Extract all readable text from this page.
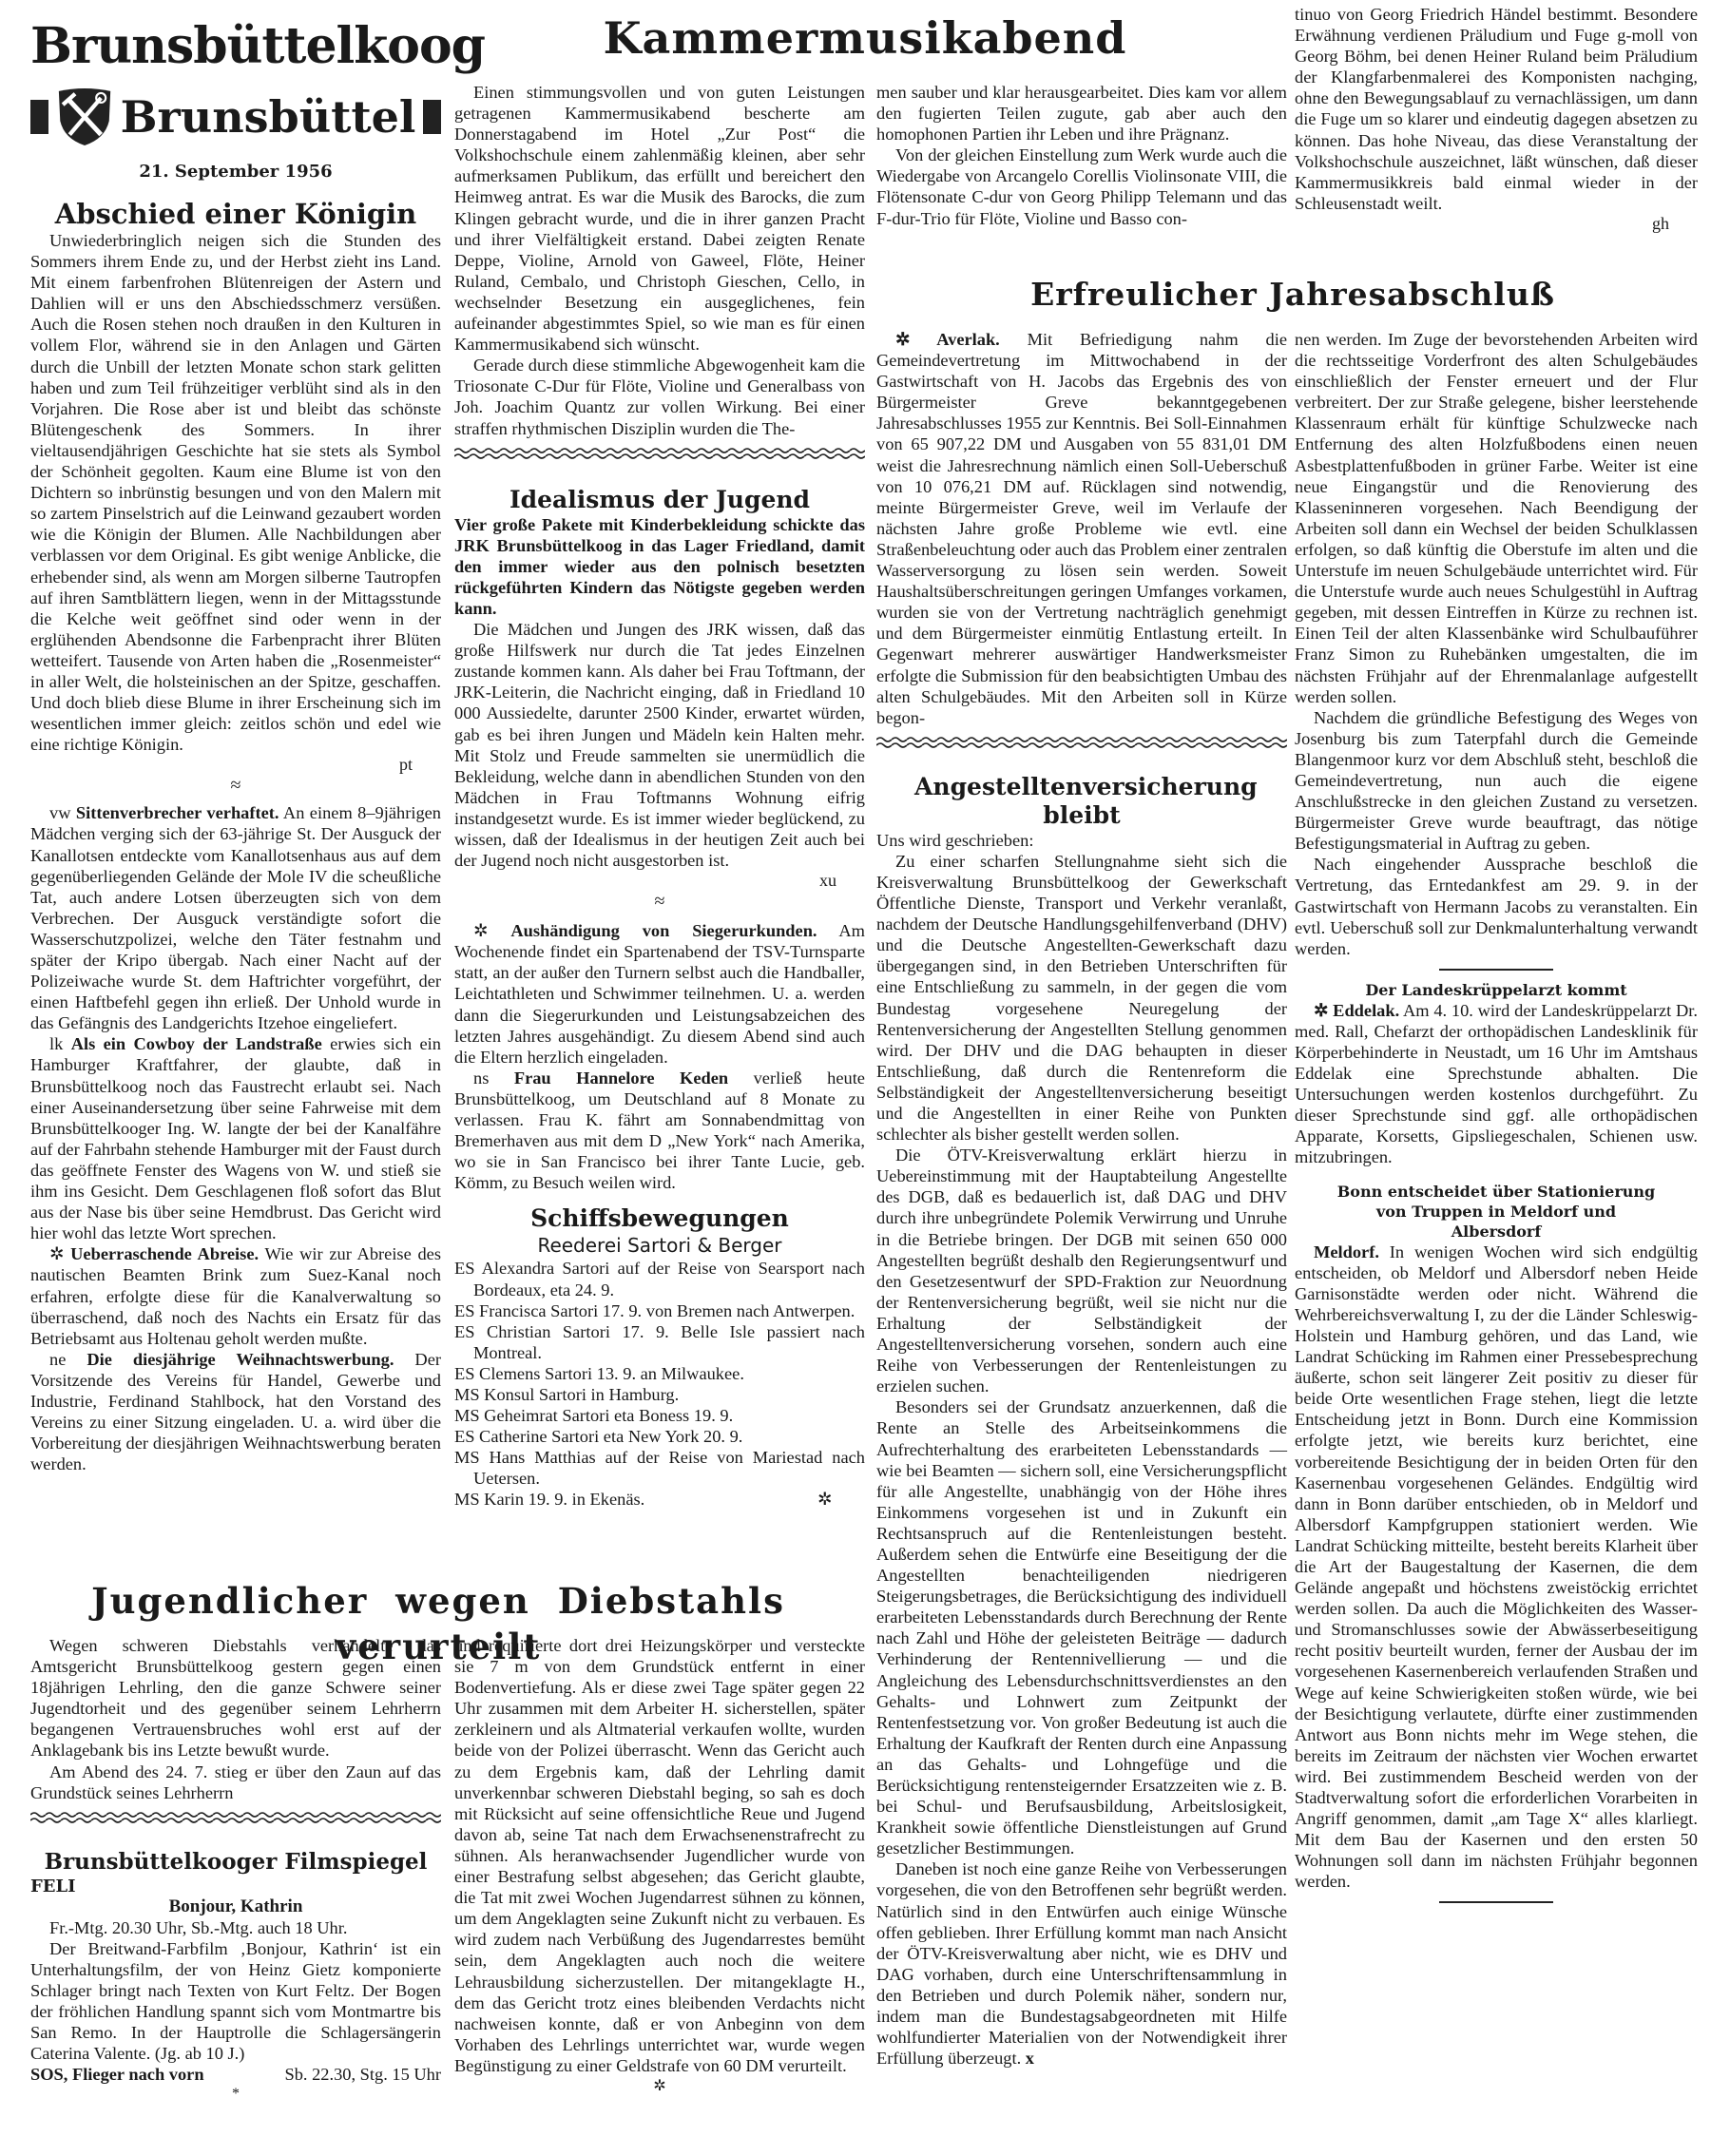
Brunsbüttelkoog
Brunsbüttel
21. September 1956
Abschied einer Königin

Unwiederbringlich neigen sich die Stunden des Sommers ihrem Ende zu, und der Herbst zieht ins Land. Mit einem farbenfrohen Blütenreigen der Astern und Dahlien will er uns den Abschiedsschmerz versüßen. Auch die Rosen stehen noch draußen in den Kulturen in vollem Flor, während sie in den Anlagen und Gärten durch die Unbill der letzten Monate schon stark gelitten haben und zum Teil frühzeitiger verblüht sind als in den Vorjahren. Die Rose aber ist und bleibt das schönste Blütengeschenk des Sommers. In ihrer vieltausendjährigen Geschichte hat sie stets als Symbol der Schönheit gegolten. Kaum eine Blume ist von den Dichtern so inbrünstig besungen und von den Malern mit so zartem Pinselstrich auf die Leinwand gezaubert worden wie die Königin der Blumen. Alle Nachbildungen aber verblassen vor dem Original. Es gibt wenige Anblicke, die erhebender sind, als wenn am Morgen silberne Tautropfen auf ihren Samtblättern liegen, wenn in der Mittagsstunde die Kelche weit geöffnet sind oder wenn in der erglühenden Abendsonne die Farbenpracht ihrer Blüten wetteifert. Tausende von Arten haben die „Rosenmeister“ in aller Welt, die holsteinischen an der Spitze, geschaffen. Und doch blieb diese Blume in ihrer Erscheinung sich im wesentlichen immer gleich: zeitlos schön und edel wie eine richtige Königin.

pt
≈

vw Sittenverbrecher verhaftet. An einem 8–9jährigen Mädchen verging sich der 63-jährige St. Der Ausguck der Kanallotsen entdeckte vom Kanallotsenhaus aus auf dem gegenüberliegenden Gelände der Mole IV die scheußliche Tat, auch andere Lotsen überzeugten sich von dem Verbrechen. Der Ausguck verständigte sofort die Wasserschutzpolizei, welche den Täter festnahm und später der Kripo übergab. Nach einer Nacht auf der Polizeiwache wurde St. dem Haftrichter vorgeführt, der einen Haftbefehl gegen ihn erließ. Der Unhold wurde in das Gefängnis des Landgerichts Itzehoe eingeliefert.

lk Als ein Cowboy der Landstraße erwies sich ein Hamburger Kraftfahrer, der glaubte, daß in Brunsbüttelkoog noch das Faustrecht erlaubt sei. Nach einer Auseinandersetzung über seine Fahrweise mit dem Brunsbüttelkooger Ing. W. langte der bei der Kanalfähre auf der Fahrbahn stehende Hamburger mit der Faust durch das geöffnete Fenster des Wagens von W. und stieß sie ihm ins Gesicht. Dem Geschlagenen floß sofort das Blut aus der Nase bis über seine Hemdbrust. Das Gericht wird hier wohl das letzte Wort sprechen.

✲ Ueberraschende Abreise. Wie wir zur Abreise des nautischen Beamten Brink zum Suez-Kanal noch erfahren, erfolgte diese für die Kanalverwaltung so überraschend, daß noch des Nachts ein Ersatz für das Betriebsamt aus Holtenau geholt werden mußte.

ne Die diesjährige Weihnachtswerbung. Der Vorsitzende des Vereins für Handel, Gewerbe und Industrie, Ferdinand Stahlbock, hat den Vorstand des Vereins zu einer Sitzung eingeladen. U. a. wird über die Vorbereitung der diesjährigen Weihnachtswerbung beraten werden.

Kammermusikabend

Einen stimmungsvollen und von guten Leistungen getragenen Kammermusikabend bescherte am Donnerstagabend im Hotel „Zur Post“ die Volkshochschule einem zahlenmäßig kleinen, aber sehr aufmerksamen Publikum, das erfüllt und bereichert den Heimweg antrat. Es war die Musik des Barocks, die zum Klingen gebracht wurde, und die in ihrer ganzen Pracht und ihrer Vielfältigkeit erstand. Dabei zeigten Renate Deppe, Violine, Arnold von Gaweel, Flöte, Heiner Ruland, Cembalo, und Christoph Gieschen, Cello, in wechselnder Besetzung ein ausgeglichenes, fein aufeinander abgestimmtes Spiel, so wie man es für einen Kammermusikabend sich wünscht.

Gerade durch diese stimmliche Abgewogenheit kam die Triosonate C-Dur für Flöte, Violine und Generalbass von Joh. Joachim Quantz zur vollen Wirkung. Bei einer straffen rhythmischen Disziplin wurden die The-

Idealismus der Jugend
Vier große Pakete mit Kinderbekleidung schickte das JRK Brunsbüttelkoog in das Lager Friedland, damit den immer wieder aus den polnisch besetzten rückgeführten Kindern das Nötigste gegeben werden kann.

Die Mädchen und Jungen des JRK wissen, daß das große Hilfswerk nur durch die Tat jedes Einzelnen zustande kommen kann. Als daher bei Frau Toftmann, der JRK-Leiterin, die Nachricht einging, daß in Friedland 10 000 Aussiedelte, darunter 2500 Kinder, erwartet würden, gab es bei ihren Jungen und Mädeln kein Halten mehr. Mit Stolz und Freude sammelten sie unermüdlich die Bekleidung, welche dann in abendlichen Stunden von den Mädchen in Frau Toftmanns Wohnung eifrig instandgesetzt wurde. Es ist immer wieder beglückend, zu wissen, daß der Idealismus in der heutigen Zeit auch bei der Jugend noch nicht ausgestorben ist.

xu
≈

✲ Aushändigung von Siegerurkunden. Am Wochenende findet ein Spartenabend der TSV-Turnsparte statt, an der außer den Turnern selbst auch die Handballer, Leichtathleten und Schwimmer teilnehmen. U. a. werden dann die Siegerurkunden und Leistungsabzeichen des letzten Jahres ausgehändigt. Zu diesem Abend sind auch die Eltern herzlich eingeladen.

ns Frau Hannelore Keden verließ heute Brunsbüttelkoog, um Deutschland auf 8 Monate zu verlassen. Frau K. fährt am Sonnabendmittag von Bremerhaven aus mit dem D „New York“ nach Amerika, wo sie in San Francisco bei ihrer Tante Lucie, geb. Kömm, zu Besuch weilen wird.

Schiffsbewegungen
Reederei Sartori & Berger

ES Alexandra Sartori auf der Reise von Searsport nach Bordeaux, eta 24. 9.

ES Francisca Sartori 17. 9. von Bremen nach Antwerpen.

ES Christian Sartori 17. 9. Belle Isle passiert nach Montreal.

ES Clemens Sartori 13. 9. an Milwaukee.

MS Konsul Sartori in Hamburg.

MS Geheimrat Sartori eta Boness 19. 9.

ES Catherine Sartori eta New York 20. 9.

MS Hans Matthias auf der Reise von Mariestad nach Uetersen.

MS Karin 19. 9. in Ekenäs.	✲

Jugendlicher wegen Diebstahls verurteilt

Wegen schweren Diebstahls verhandelte das Amtsgericht Brunsbüttelkoog gestern gegen einen 18jährigen Lehrling, den die ganze Schwere seiner Jugendtorheit und des gegenüber seinem Lehrherrn begangenen Vertrauensbruches wohl erst auf der Anklagebank bis ins Letzte bewußt wurde.

Am Abend des 24. 7. stieg er über den Zaun auf das Grundstück seines Lehrherrn

Brunsbüttelkooger Filmspiegel
FELI
Bonjour, Kathrin

Fr.-Mtg. 20.30 Uhr, Sb.-Mtg. auch 18 Uhr.

Der Breitwand-Farbfilm ‚Bonjour, Kathrin‘ ist ein Unterhaltungsfilm, der von Heinz Gietz komponierte Schlager bringt nach Texten von Kurt Feltz. Der Bogen der fröhlichen Handlung spannt sich vom Montmartre bis San Remo. In der Hauptrolle die Schlagersängerin Caterina Valente. (Jg. ab 10 J.)

SOS, Flieger nach vorn	Sb. 22.30, Stg. 15 Uhr

*

und requirierte dort drei Heizungskörper und versteckte sie 7 m von dem Grundstück entfernt in einer Bodenvertiefung. Als er diese zwei Tage später gegen 22 Uhr zusammen mit dem Arbeiter H. sicherstellen, später zerkleinern und als Altmaterial verkaufen wollte, wurden beide von der Polizei überrascht. Wenn das Gericht auch zu dem Ergebnis kam, daß der Lehrling damit unverkennbar schweren Diebstahl beging, so sah es doch mit Rücksicht auf seine offensichtliche Reue und Jugend davon ab, seine Tat nach dem Erwachsenenstrafrecht zu sühnen. Als heranwachsender Jugendlicher wurde von einer Bestrafung selbst abgesehen; das Gericht glaubte, die Tat mit zwei Wochen Jugendarrest sühnen zu können, um dem Angeklagten seine Zukunft nicht zu verbauen. Es wird zudem nach Verbüßung des Jugendarrestes bemüht sein, dem Angeklagten auch noch die weitere Lehrausbildung sicherzustellen. Der mitangeklagte H., dem das Gericht trotz eines bleibenden Verdachts nicht nachweisen konnte, daß er von Anbeginn von dem Vorhaben des Lehrlings unterrichtet war, wurde wegen Begünstigung zu einer Geldstrafe von 60 DM verurteilt.

✲

men sauber und klar herausgearbeitet. Dies kam vor allem den fugierten Teilen zugute, gab aber auch den homophonen Partien ihr Leben und ihre Prägnanz.

Von der gleichen Einstellung zum Werk wurde auch die Wiedergabe von Arcangelo Corellis Violinsonate VIII, die Flötensonate C-dur von Georg Philipp Telemann und das F-dur-Trio für Flöte, Violine und Basso con-

tinuo von Georg Friedrich Händel bestimmt. Besondere Erwähnung verdienen Präludium und Fuge g-moll von Georg Böhm, bei denen Heiner Ruland beim Präludium der Klangfarbenmalerei des Komponisten nachging, ohne den Bewegungsablauf zu vernachlässigen, um dann die Fuge um so klarer und eindeutig dagegen absetzen zu können. Das hohe Niveau, das diese Veranstaltung der Volkshochschule auszeichnet, läßt wünschen, daß dieser Kammermusikkreis bald einmal wieder in der Schleusenstadt weilt.

gh
Erfreulicher Jahresabschluß

✲ Averlak. Mit Befriedigung nahm die Gemeindevertretung im Mittwochabend in der Gastwirtschaft von H. Jacobs das Ergebnis des von Bürgermeister Greve bekanntgegebenen Jahresabschlusses 1955 zur Kenntnis. Bei Soll-Einnahmen von 65 907,22 DM und Ausgaben von 55 831,01 DM weist die Jahresrechnung nämlich einen Soll-Ueberschuß von 10 076,21 DM auf. Rücklagen sind notwendig, meinte Bürgermeister Greve, weil im Verlaufe der nächsten Jahre große Probleme wie evtl. eine Straßenbeleuchtung oder auch das Problem einer zentralen Wasserversorgung zu lösen sein werden. Soweit Haushaltsüberschreitungen geringen Umfanges vorkamen, wurden sie von der Vertretung nachträglich genehmigt und dem Bürgermeister einmütig Entlastung erteilt. In Gegenwart mehrerer auswärtiger Handwerksmeister erfolgte die Submission für den beabsichtigten Umbau des alten Schulgebäudes. Mit den Arbeiten soll in Kürze begon-

Angestelltenversicherung bleibt

Uns wird geschrieben:

Zu einer scharfen Stellungnahme sieht sich die Kreisverwaltung Brunsbüttelkoog der Gewerkschaft Öffentliche Dienste, Transport und Verkehr veranlaßt, nachdem der Deutsche Handlungsgehilfenverband (DHV) und die Deutsche Angestellten-Gewerkschaft dazu übergegangen sind, in den Betrieben Unterschriften für eine Entschließung zu sammeln, in der gegen die vom Bundestag vorgesehene Neuregelung der Rentenversicherung der Angestellten Stellung genommen wird. Der DHV und die DAG behaupten in dieser Entschließung, daß durch die Rentenreform die Selbständigkeit der Angestelltenversicherung beseitigt und die Angestellten in einer Reihe von Punkten schlechter als bisher gestellt werden sollen.

Die ÖTV-Kreisverwaltung erklärt hierzu in Uebereinstimmung mit der Hauptabteilung Angestellte des DGB, daß es bedauerlich ist, daß DAG und DHV durch ihre unbegründete Polemik Verwirrung und Unruhe in die Betriebe bringen. Der DGB mit seinen 650 000 Angestellten begrüßt deshalb den Regierungsentwurf und den Gesetzesentwurf der SPD-Fraktion zur Neuordnung der Rentenversicherung begrüßt, weil sie nicht nur die Erhaltung der Selbständigkeit der Angestelltenversicherung vorsehen, sondern auch eine Reihe von Verbesserungen der Rentenleistungen zu erzielen suchen.

Besonders sei der Grundsatz anzuerkennen, daß die Rente an Stelle des Arbeitseinkommens die Aufrechterhaltung des erarbeiteten Lebensstandards — wie bei Beamten — sichern soll, eine Versicherungspflicht für alle Angestellte, unabhängig von der Höhe ihres Einkommens vorgesehen ist und in Zukunft ein Rechtsanspruch auf die Rentenleistungen besteht. Außerdem sehen die Entwürfe eine Beseitigung der die Angestellten benachteiligenden niedrigeren Steigerungsbetrages, die Berücksichtigung des individuell erarbeiteten Lebensstandards durch Berechnung der Rente nach Zahl und Höhe der geleisteten Beiträge — dadurch Verhinderung der Rentennivellierung — und die Angleichung des Lebensdurchschnittsverdienstes an den Gehalts- und Lohnwert zum Zeitpunkt der Rentenfestsetzung vor. Von großer Bedeutung ist auch die Erhaltung der Kaufkraft der Renten durch eine Anpassung an das Gehalts- und Lohngefüge und die Berücksichtigung rentensteigernder Ersatzzeiten wie z. B. bei Schul- und Berufsausbildung, Arbeitslosigkeit, Krankheit sowie öffentliche Dienstleistungen auf Grund gesetzlicher Bestimmungen.

Daneben ist noch eine ganze Reihe von Verbesserungen vorgesehen, die von den Betroffenen sehr begrüßt werden. Natürlich sind in den Entwürfen auch einige Wünsche offen geblieben. Ihrer Erfüllung kommt man nach Ansicht der ÖTV-Kreisverwaltung aber nicht, wie es DHV und DAG vorhaben, durch eine Unterschriftensammlung in den Betrieben und durch Polemik näher, sondern nur, indem man die Bundestagsabgeordneten mit Hilfe wohlfundierter Materialien von der Notwendigkeit ihrer Erfüllung überzeugt. x

nen werden. Im Zuge der bevorstehenden Arbeiten wird die rechtsseitige Vorderfront des alten Schulgebäudes einschließlich der Fenster erneuert und der Flur verbreitert. Der zur Straße gelegene, bisher leerstehende Klassenraum erhält für künftige Schulzwecke nach Entfernung des alten Holzfußbodens einen neuen Asbestplattenfußboden in grüner Farbe. Weiter ist eine neue Eingangstür und die Renovierung des Klasseninneren vorgesehen. Nach Beendigung der Arbeiten soll dann ein Wechsel der beiden Schulklassen erfolgen, so daß künftig die Oberstufe im alten und die Unterstufe im neuen Schulgebäude unterrichtet wird. Für die Unterstufe wurde auch neues Schulgestühl in Auftrag gegeben, mit dessen Eintreffen in Kürze zu rechnen ist. Einen Teil der alten Klassenbänke wird Schulbauführer Franz Simon zu Ruhebänken umgestalten, die im nächsten Frühjahr auf der Ehrenmalanlage aufgestellt werden sollen.

Nachdem die gründliche Befestigung des Weges von Josenburg bis zum Taterpfahl durch die Gemeinde Blangenmoor kurz vor dem Abschluß steht, beschloß die Gemeindevertretung, nun auch die eigene Anschlußstrecke in den gleichen Zustand zu versetzen. Bürgermeister Greve wurde beauftragt, das nötige Befestigungsmaterial in Auftrag zu geben.

Nach eingehender Aussprache beschloß die Vertretung, das Erntedankfest am 29. 9. in der Gastwirtschaft von Hermann Jacobs zu veranstalten. Ein evtl. Ueberschuß soll zur Denkmalunterhaltung verwandt werden.

Der Landeskrüppelarzt kommt

✲ Eddelak. Am 4. 10. wird der Landeskrüppelarzt Dr. med. Rall, Chefarzt der orthopädischen Landesklinik für Körperbehinderte in Neustadt, um 16 Uhr im Amtshaus Eddelak eine Sprechstunde abhalten. Die Untersuchungen werden kostenlos durchgeführt. Zu dieser Sprechstunde sind ggf. alle orthopädischen Apparate, Korsetts, Gipsliegeschalen, Schienen usw. mitzubringen.

Bonn entscheidet über Stationierung von Truppen in Meldorf und Albersdorf

Meldorf. In wenigen Wochen wird sich endgültig entscheiden, ob Meldorf und Albersdorf neben Heide Garnisonstädte werden oder nicht. Während die Wehrbereichsverwaltung I, zu der die Länder Schleswig-Holstein und Hamburg gehören, und das Land, wie Landrat Schücking im Rahmen einer Pressebesprechung äußerte, schon seit längerer Zeit positiv zu dieser für beide Orte wesentlichen Frage stehen, liegt die letzte Entscheidung jetzt in Bonn. Durch eine Kommission erfolgte jetzt, wie bereits kurz berichtet, eine vorbereitende Besichtigung der in beiden Orten für den Kasernenbau vorgesehenen Geländes. Endgültig wird dann in Bonn darüber entschieden, ob in Meldorf und Albersdorf Kampfgruppen stationiert werden. Wie Landrat Schücking mitteilte, besteht bereits Klarheit über die Art der Baugestaltung der Kasernen, die dem Gelände angepaßt und höchstens zweistöckig errichtet werden sollen. Da auch die Möglichkeiten des Wasser- und Stromanschlusses sowie der Abwässerbeseitigung recht positiv beurteilt wurden, ferner der Ausbau der im vorgesehenen Kasernenbereich verlaufenden Straßen und Wege auf keine Schwierigkeiten stoßen würde, wie bei der Besichtigung verlautete, dürfte einer zustimmenden Antwort aus Bonn nichts mehr im Wege stehen, die bereits im Zeitraum der nächsten vier Wochen erwartet wird. Bei zustimmendem Bescheid werden von der Stadtverwaltung sofort die erforderlichen Vorarbeiten in Angriff genommen, damit „am Tage X“ alles klarliegt. Mit dem Bau der Kasernen und den ersten 50 Wohnungen soll dann im nächsten Frühjahr begonnen werden.
